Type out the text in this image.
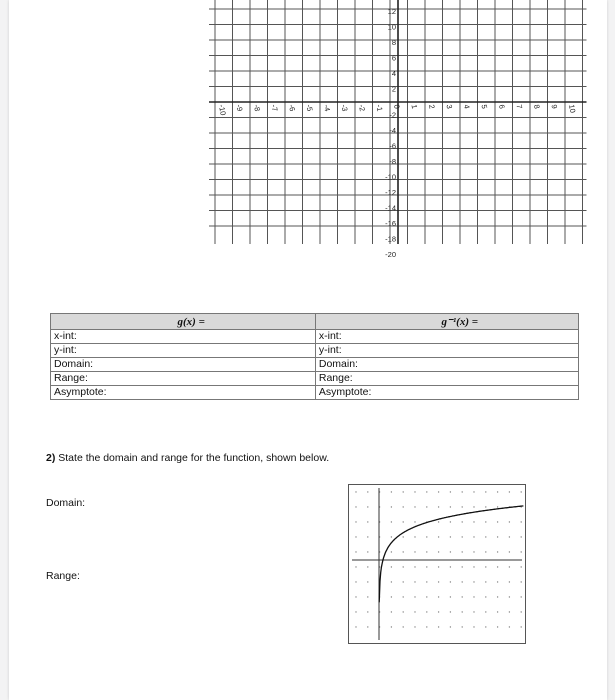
-10 -9 -8 -7 -6 -5 -4 -3 -2 -1 0 1 2 3 4 5 6 7 8 9 10
12
10
8
6
4
2
-2
-4
-6
-8
-10
-12
-14
-16
-18
-20
g(x) =	g⁻¹(x) =
x-int:	x-int:
y-int:	y-int:
Domain:	Domain:
Range:	Range:
Asymptote:	Asymptote:
2) State the domain and range for the function, shown below.
Domain:
Range:
